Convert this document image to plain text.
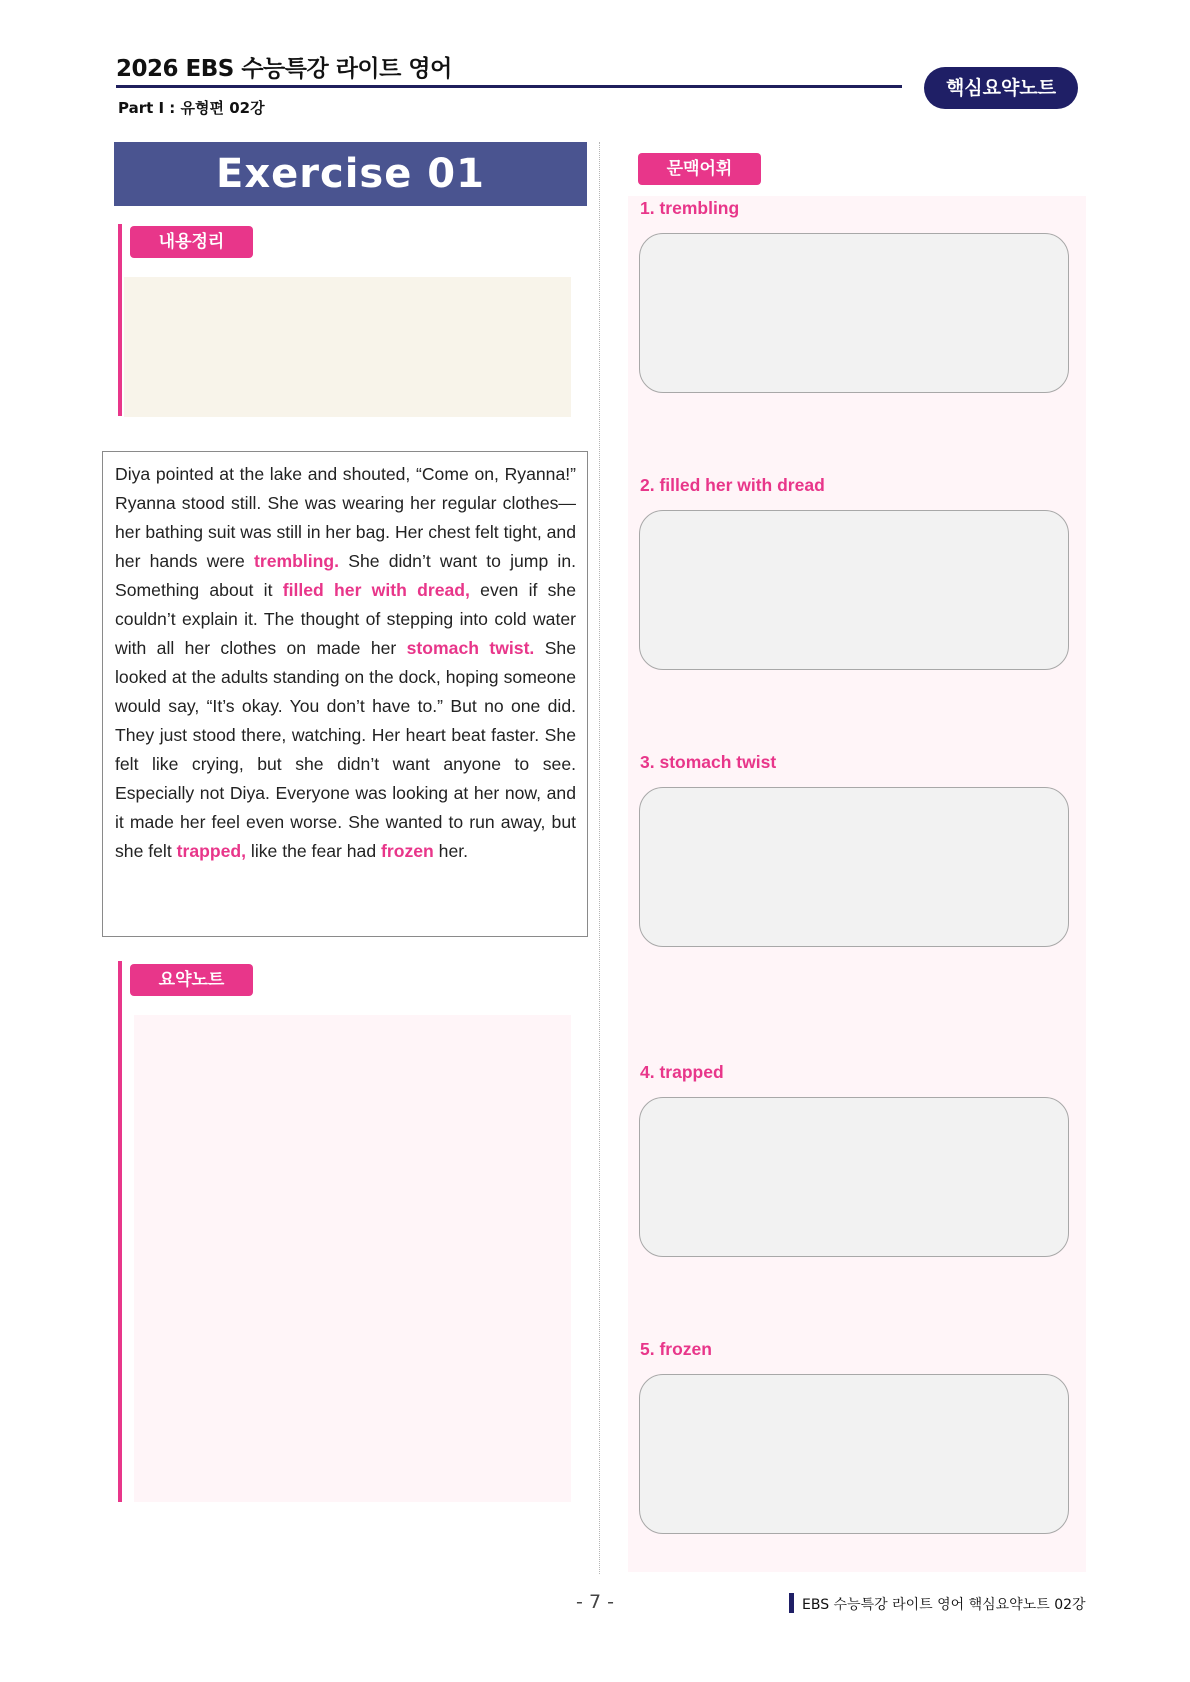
2026 EBS 수능특강 라이트 영어
Part Ⅰ : 유형편 02강
핵심요약노트
Exercise 01
내용정리
Diya pointed at the lake and shouted, “Come on, Ryanna!” Ryanna stood still. She was wearing her regular clothes—her bathing suit was still in her bag. Her chest felt tight, and her hands were trembling. She didn’t want to jump in. Something about it filled her with dread, even if she couldn’t explain it. The thought of stepping into cold water with all her clothes on made her stomach twist. She looked at the adults standing on the dock, hoping someone would say, “It’s okay. You don’t have to.” But no one did. They just stood there, watching. Her heart beat faster. She felt like crying, but she didn’t want anyone to see. Especially not Diya. Everyone was looking at her now, and it made her feel even worse. She wanted to run away, but she felt trapped, like the fear had frozen her.
요약노트
문맥어휘
1. trembling
2. filled her with dread
3. stomach twist
4. trapped
5. frozen
- 7 -	EBS 수능특강 라이트 영어 핵심요약노트 02강
